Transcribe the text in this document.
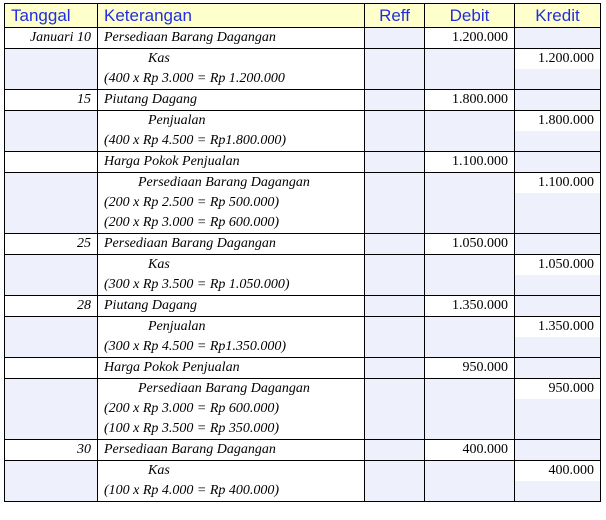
Tanggal	Keterangan	Reff	Debit	Kredit
Januari 10	Persediaan Barang Dagangan		1.200.000	
	Kas			1.200.000
	(400 x Rp 3.000 = Rp 1.200.000			
15	Piutang Dagang		1.800.000	
	Penjualan			1.800.000
	(400 x Rp 4.500 = Rp1.800.000)			
	Harga Pokok Penjualan		1.100.000	
	Persediaan Barang Dagangan			1.100.000
	(200 x Rp 2.500 = Rp 500.000)			
	(200 x Rp 3.000 = Rp 600.000)			
25	Persediaan Barang Dagangan		1.050.000	
	Kas			1.050.000
	(300 x Rp 3.500 = Rp 1.050.000)			
28	Piutang Dagang		1.350.000	
	Penjualan			1.350.000
	(300 x Rp 4.500 = Rp1.350.000)			
	Harga Pokok Penjualan		950.000	
	Persediaan Barang Dagangan			950.000
	(200 x Rp 3.000 = Rp 600.000)			
	(100 x Rp 3.500 = Rp 350.000)			
30	Persediaan Barang Dagangan		400.000	
	Kas			400.000
	(100 x Rp 4.000 = Rp 400.000)			
